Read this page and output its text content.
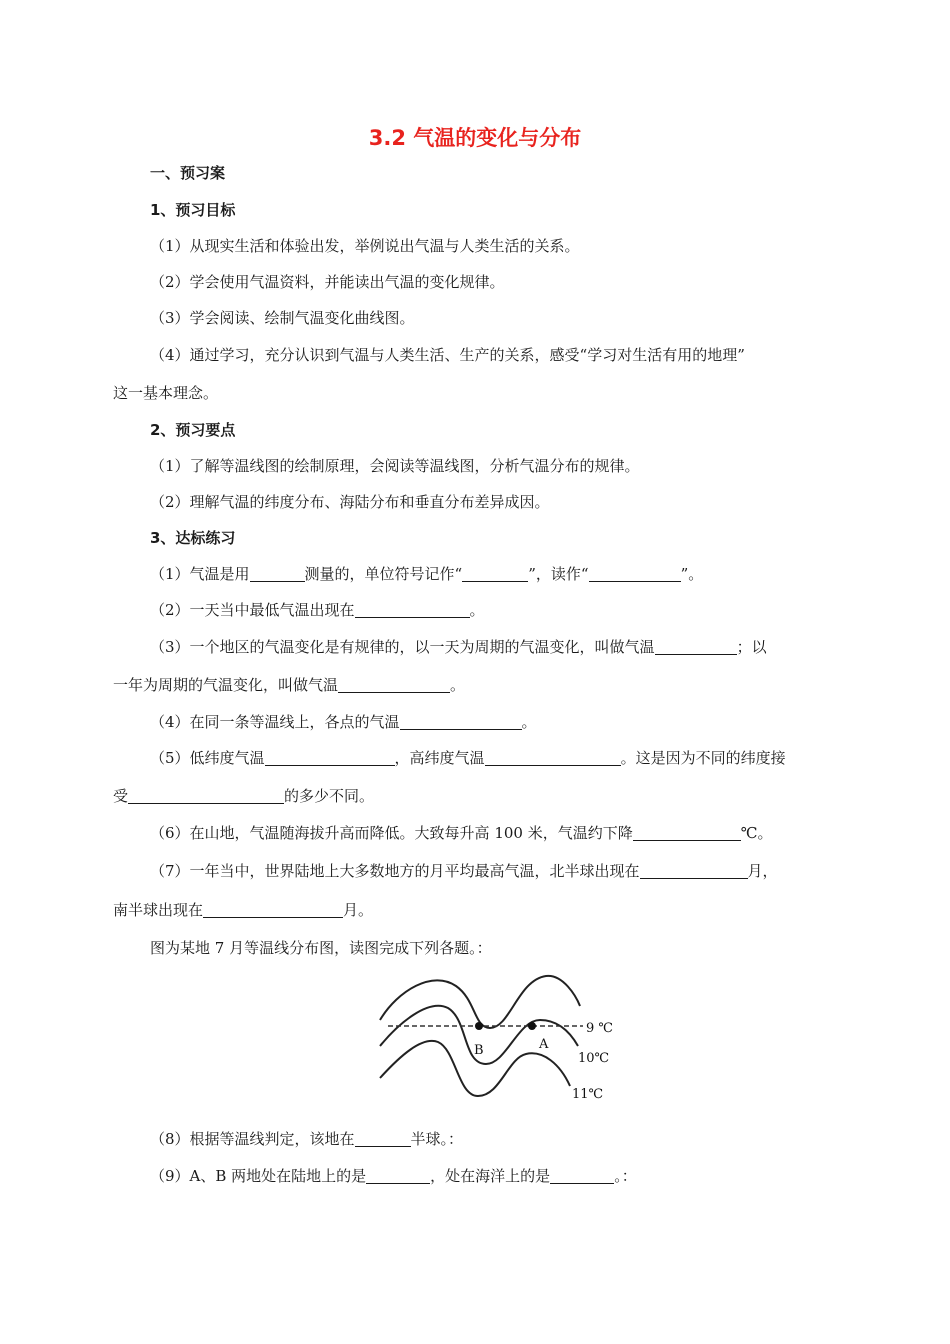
3.2 气温的变化与分布
一、预习案
1、预习目标
（1）从现实生活和体验出发，举例说出气温与人类生活的关系。
（2）学会使用气温资料，并能读出气温的变化规律。
（3）学会阅读、绘制气温变化曲线图。
（4）通过学习，充分认识到气温与人类生活、生产的关系，感受“学习对生活有用的地理”
这一基本理念。
2、预习要点
（1）了解等温线图的绘制原理，会阅读等温线图，分析气温分布的规律。
（2）理解气温的纬度分布、海陆分布和垂直分布差异成因。
3、达标练习
（1）气温是用	测量的，单位符号记作“	”，读作“	”。
（2）一天当中最低气温出现在	。
（3）一个地区的气温变化是有规律的，以一天为周期的气温变化，叫做气温	；以
一年为周期的气温变化，叫做气温	。
（4）在同一条等温线上，各点的气温	。
（5）低纬度气温	，高纬度气温	。这是因为不同的纬度接
受	的多少不同。
（6）在山地，气温随海拔升高而降低。大致每升高 100 米，气温约下降	℃。
（7）一年当中，世界陆地上大多数地方的月平均最高气温，北半球出现在	月，
南半球出现在	月。
图为某地 7 月等温线分布图，读图完成下列各题。：
B	A
9 ℃
10℃
11℃
（8）根据等温线判定，该地在	半球。：
（9）A、B 两地处在陆地上的是	，处在海洋上的是	。：
